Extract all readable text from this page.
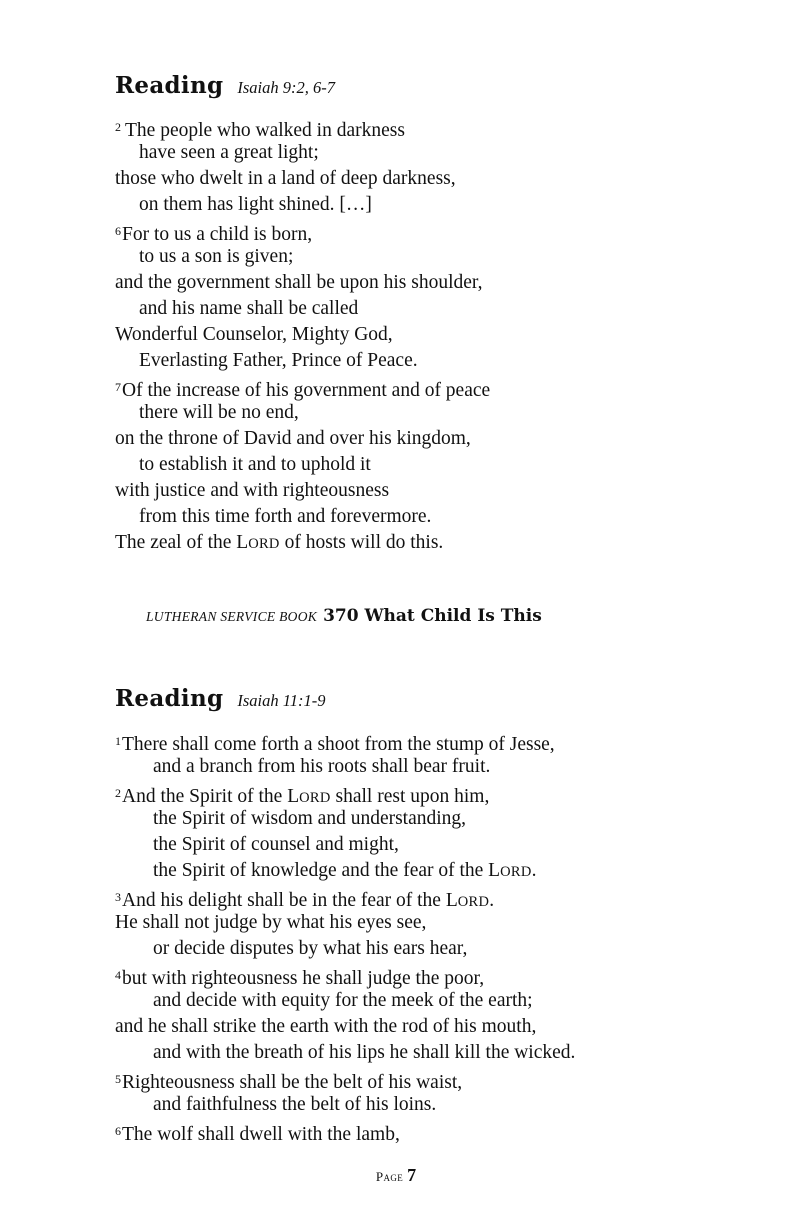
Reading Isaiah 9:2, 6-7
$^2$ The people who walked in darkness
have seen a great light;
those who dwelt in a land of deep darkness,
on them has light shined. […]
$^6$For to us a child is born,
to us a son is given;
and the government shall be upon his shoulder,
and his name shall be called
Wonderful Counselor, Mighty God,
Everlasting Father, Prince of Peace.
$^7$Of the increase of his government and of peace
there will be no end,
on the throne of David and over his kingdom,
to establish it and to uphold it
with justice and with righteousness
from this time forth and forevermore.
The zeal of the LORD of hosts will do this.
LUTHERAN SERVICE BOOK 370 What Child Is This
Reading Isaiah 11:1-9
$^1$There shall come forth a shoot from the stump of Jesse,
and a branch from his roots shall bear fruit.
$^2$And the Spirit of the LORD shall rest upon him,
the Spirit of wisdom and understanding,
the Spirit of counsel and might,
the Spirit of knowledge and the fear of the LORD.
$^3$And his delight shall be in the fear of the LORD.
He shall not judge by what his eyes see,
or decide disputes by what his ears hear,
$^4$but with righteousness he shall judge the poor,
and decide with equity for the meek of the earth;
and he shall strike the earth with the rod of his mouth,
and with the breath of his lips he shall kill the wicked.
$^5$Righteousness shall be the belt of his waist,
and faithfulness the belt of his loins.
$^6$The wolf shall dwell with the lamb,
Page 7
